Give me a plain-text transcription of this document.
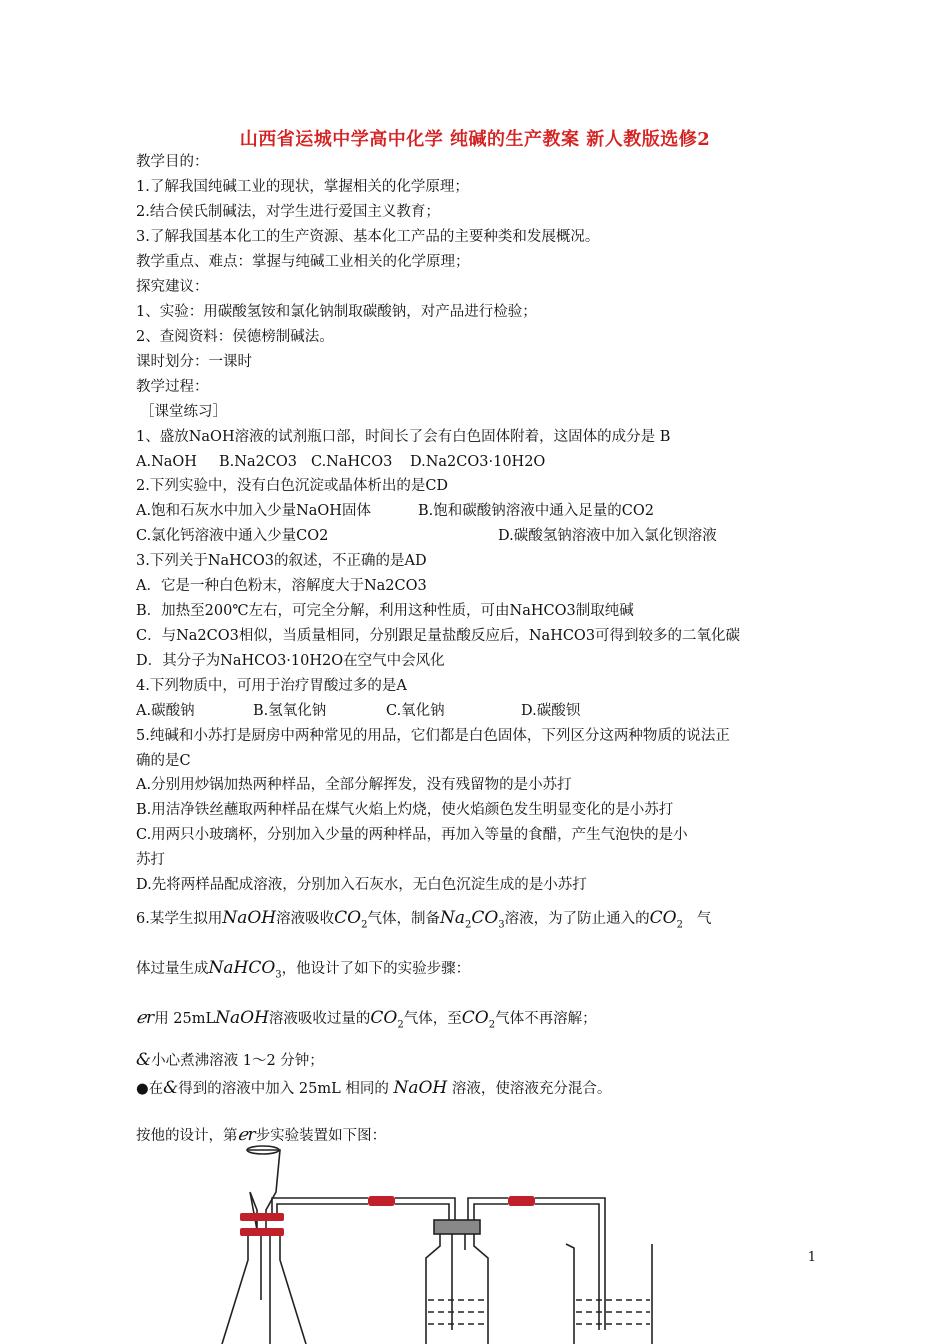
山西省运城中学高中化学 纯碱的生产教案 新人教版选修2
教学目的：
1.了解我国纯碱工业的现状，掌握相关的化学原理；
2.结合侯氏制碱法，对学生进行爱国主义教育；
3.了解我国基本化工的生产资源、基本化工产品的主要种类和发展概况。
教学重点、难点：掌握与纯碱工业相关的化学原理；
探究建议：
1、实验：用碳酸氢铵和氯化钠制取碳酸钠，对产品进行检验；
2、查阅资料：侯德榜制碱法。
课时划分：一课时
教学过程：
［课堂练习］
1、盛放NaOH溶液的试剂瓶口部，时间长了会有白色固体附着，这固体的成分是 B
A.NaOH B.Na2CO3 C.NaHCO3 D.Na2CO3·10H2O
2.下列实验中，没有白色沉淀或晶体析出的是CD
A.饱和石灰水中加入少量NaOH固体	B.饱和碳酸钠溶液中通入足量的CO2
C.氯化钙溶液中通入少量CO2	D.碳酸氢钠溶液中加入氯化钡溶液
3.下列关于NaHCO3的叙述，不正确的是AD
A．它是一种白色粉末，溶解度大于Na2CO3
B．加热至200℃左右，可完全分解，利用这种性质，可由NaHCO3制取纯碱
C．与Na2CO3相似，当质量相同，分别跟足量盐酸反应后，NaHCO3可得到较多的二氧化碳
D．其分子为NaHCO3·10H2O在空气中会风化
4.下列物质中，可用于治疗胃酸过多的是A
A.碳酸钠	B.氢氧化钠	C.氧化钠	D.碳酸钡
5.纯碱和小苏打是厨房中两种常见的用品，它们都是白色固体，下列区分这两种物质的说法正
确的是C
A.分别用炒锅加热两种样品，全部分解挥发，没有残留物的是小苏打
B.用洁净铁丝蘸取两种样品在煤气火焰上灼烧，使火焰颜色发生明显变化的是小苏打
C.用两只小玻璃杯，分别加入少量的两种样品，再加入等量的食醋，产生气泡快的是小
苏打
D.先将两样品配成溶液，分别加入石灰水，无白色沉淀生成的是小苏打
6.某学生拟用NaOH溶液吸收$CO_2$气体，制备$Na_2CO_3$溶液，为了防止通入的$CO_2$ 气
体过量生成NaHCO$_3$，他设计了如下的实验步骤：
ℯr用 25mLNaOH溶液吸收过量的$CO_2$气体，至$CO_2$气体不再溶解；
&小心煮沸溶液 1～2 分钟；
●在&得到的溶液中加入 25mL 相同的 NaOH 溶液，使溶液充分混合。
按他的设计，第ℯr步实验装置如下图：
1
